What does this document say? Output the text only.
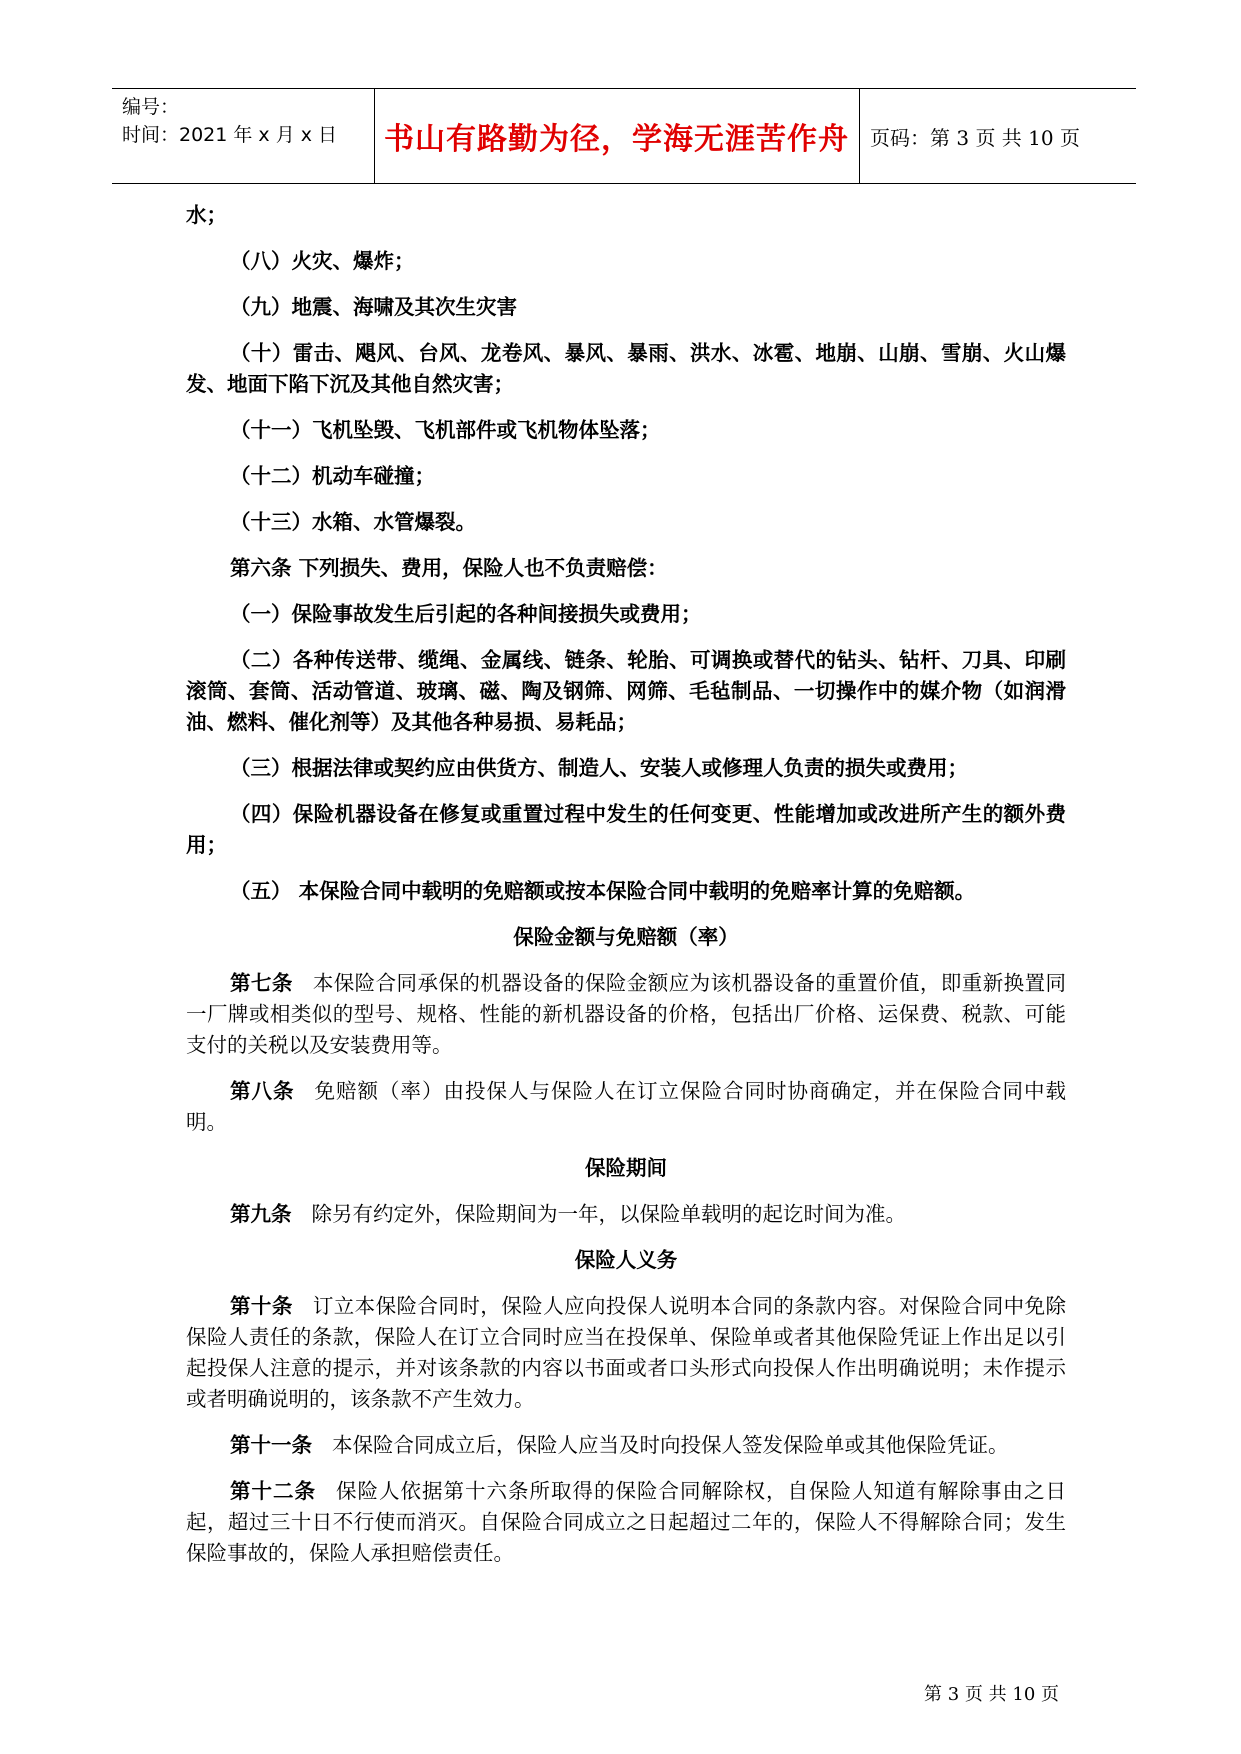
编号：
时间：2021 年 x 月 x 日	书山有路勤为径，学海无涯苦作舟	页码：第 3 页 共 10 页

水；

（八）火灾、爆炸；

（九）地震、海啸及其次生灾害

（十）雷击、飓风、台风、龙卷风、暴风、暴雨、洪水、冰雹、地崩、山崩、雪崩、火山爆发、地面下陷下沉及其他自然灾害；

（十一）飞机坠毁、飞机部件或飞机物体坠落；

（十二）机动车碰撞；

（十三）水箱、水管爆裂。

第六条 下列损失、费用，保险人也不负责赔偿：

（一）保险事故发生后引起的各种间接损失或费用；

（二）各种传送带、缆绳、金属线、链条、轮胎、可调换或替代的钻头、钻杆、刀具、印刷滚筒、套筒、活动管道、玻璃、磁、陶及钢筛、网筛、毛毡制品、一切操作中的媒介物（如润滑油、燃料、催化剂等）及其他各种易损、易耗品；

（三）根据法律或契约应由供货方、制造人、安装人或修理人负责的损失或费用；

（四）保险机器设备在修复或重置过程中发生的任何变更、性能增加或改进所产生的额外费用；

（五） 本保险合同中载明的免赔额或按本保险合同中载明的免赔率计算的免赔额。

保险金额与免赔额（率）

第七条 本保险合同承保的机器设备的保险金额应为该机器设备的重置价值，即重新换置同一厂牌或相类似的型号、规格、性能的新机器设备的价格，包括出厂价格、运保费、税款、可能支付的关税以及安装费用等。

第八条 免赔额（率）由投保人与保险人在订立保险合同时协商确定，并在保险合同中载明。

保险期间

第九条 除另有约定外，保险期间为一年，以保险单载明的起讫时间为准。

保险人义务

第十条 订立本保险合同时，保险人应向投保人说明本合同的条款内容。对保险合同中免除保险人责任的条款，保险人在订立合同时应当在投保单、保险单或者其他保险凭证上作出足以引起投保人注意的提示，并对该条款的内容以书面或者口头形式向投保人作出明确说明；未作提示或者明确说明的，该条款不产生效力。

第十一条 本保险合同成立后，保险人应当及时向投保人签发保险单或其他保险凭证。

第十二条 保险人依据第十六条所取得的保险合同解除权，自保险人知道有解除事由之日起，超过三十日不行使而消灭。自保险合同成立之日起超过二年的，保险人不得解除合同；发生保险事故的，保险人承担赔偿责任。

第 3 页 共 10 页
